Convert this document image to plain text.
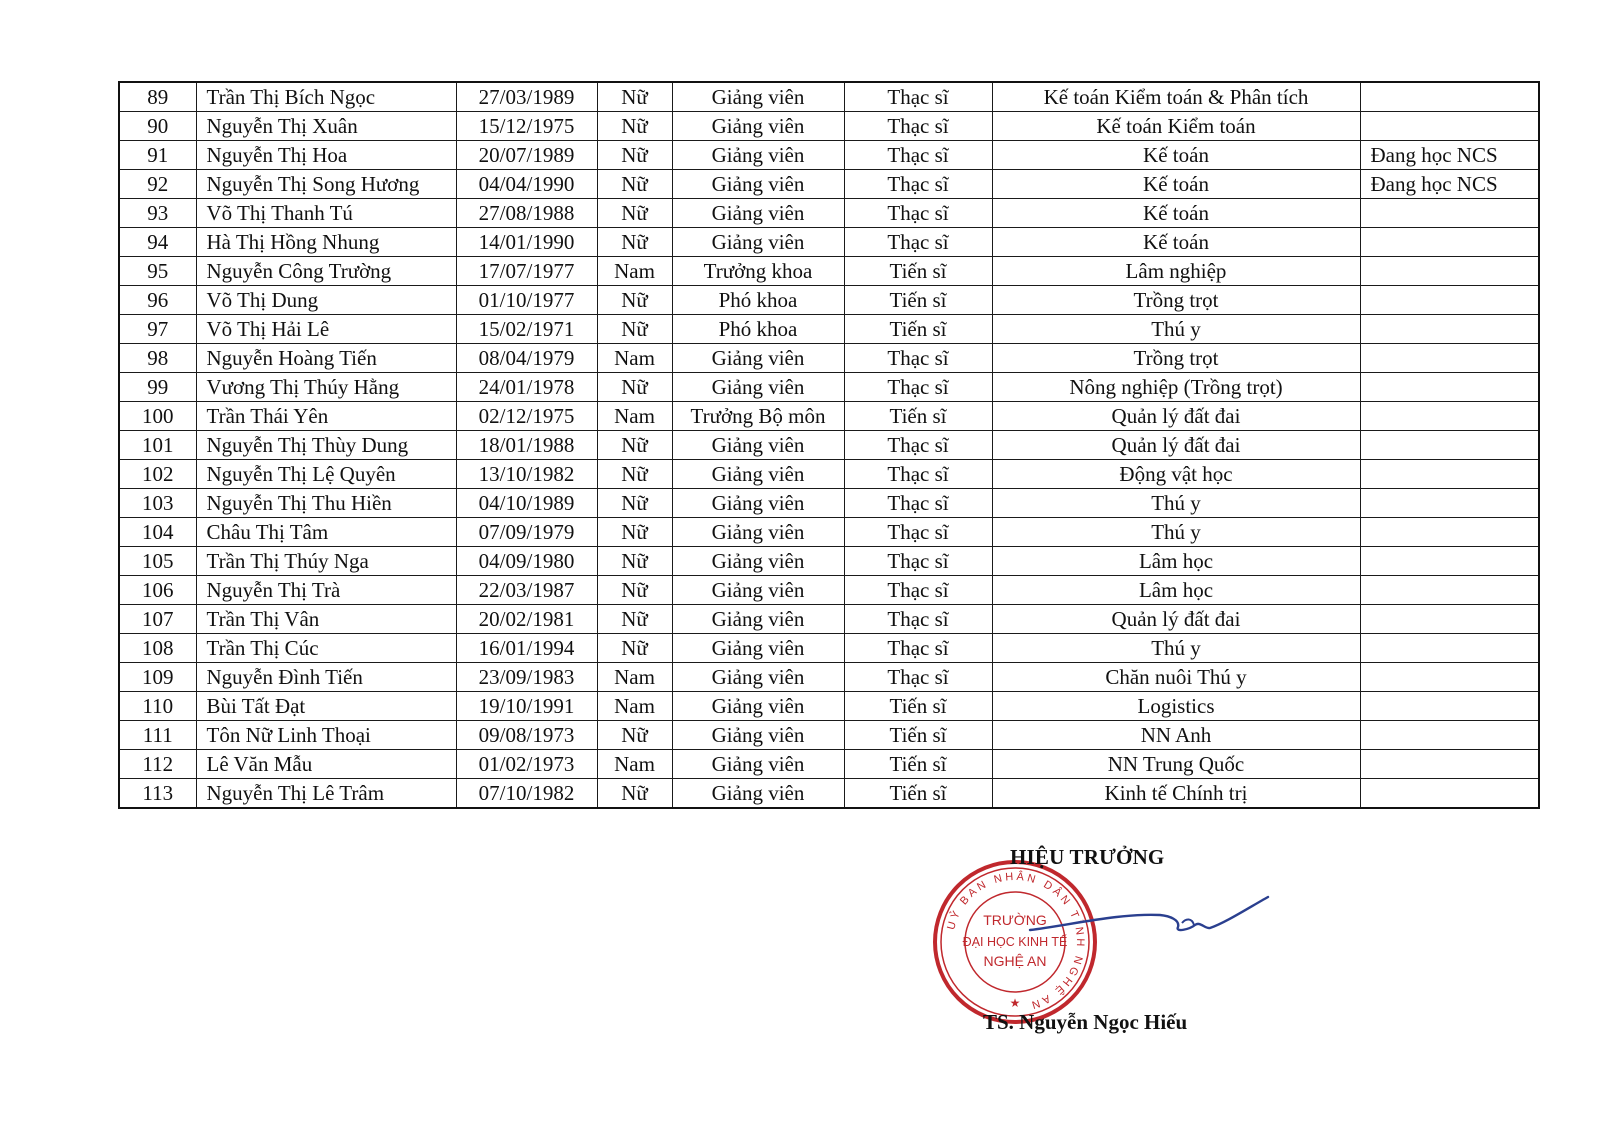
89	Trần Thị Bích Ngọc	27/03/1989	Nữ	Giảng viên	Thạc sĩ	Kế toán Kiểm toán & Phân tích	
90	Nguyễn Thị Xuân	15/12/1975	Nữ	Giảng viên	Thạc sĩ	Kế toán Kiểm toán	
91	Nguyễn Thị Hoa	20/07/1989	Nữ	Giảng viên	Thạc sĩ	Kế toán	Đang học NCS
92	Nguyễn Thị Song Hương	04/04/1990	Nữ	Giảng viên	Thạc sĩ	Kế toán	Đang học NCS
93	Võ Thị Thanh Tú	27/08/1988	Nữ	Giảng viên	Thạc sĩ	Kế toán	
94	Hà Thị Hồng Nhung	14/01/1990	Nữ	Giảng viên	Thạc sĩ	Kế toán	
95	Nguyễn Công Trường	17/07/1977	Nam	Trưởng khoa	Tiến sĩ	Lâm nghiệp	
96	Võ Thị Dung	01/10/1977	Nữ	Phó khoa	Tiến sĩ	Trồng trọt	
97	Võ Thị Hải Lê	15/02/1971	Nữ	Phó khoa	Tiến sĩ	Thú y	
98	Nguyễn Hoàng Tiến	08/04/1979	Nam	Giảng viên	Thạc sĩ	Trồng trọt	
99	Vương Thị Thúy Hằng	24/01/1978	Nữ	Giảng viên	Thạc sĩ	Nông nghiệp (Trồng trọt)	
100	Trần Thái Yên	02/12/1975	Nam	Trưởng Bộ môn	Tiến sĩ	Quản lý đất đai	
101	Nguyễn Thị Thùy Dung	18/01/1988	Nữ	Giảng viên	Thạc sĩ	Quản lý đất đai	
102	Nguyễn Thị Lệ Quyên	13/10/1982	Nữ	Giảng viên	Thạc sĩ	Động vật học	
103	Nguyễn Thị Thu Hiền	04/10/1989	Nữ	Giảng viên	Thạc sĩ	Thú y	
104	Châu Thị Tâm	07/09/1979	Nữ	Giảng viên	Thạc sĩ	Thú y	
105	Trần Thị Thúy Nga	04/09/1980	Nữ	Giảng viên	Thạc sĩ	Lâm học	
106	Nguyễn Thị Trà	22/03/1987	Nữ	Giảng viên	Thạc sĩ	Lâm học	
107	Trần Thị Vân	20/02/1981	Nữ	Giảng viên	Thạc sĩ	Quản lý đất đai	
108	Trần Thị Cúc	16/01/1994	Nữ	Giảng viên	Thạc sĩ	Thú y	
109	Nguyễn Đình Tiến	23/09/1983	Nam	Giảng viên	Thạc sĩ	Chăn nuôi Thú y	
110	Bùi Tất Đạt	19/10/1991	Nam	Giảng viên	Tiến sĩ	Logistics	
111	Tôn Nữ Linh Thoại	09/08/1973	Nữ	Giảng viên	Tiến sĩ	NN Anh	
112	Lê Văn Mẫu	01/02/1973	Nam	Giảng viên	Tiến sĩ	NN Trung Quốc	
113	Nguyễn Thị Lê Trâm	07/10/1982	Nữ	Giảng viên	Tiến sĩ	Kinh tế Chính trị	
UỶ BAN NHÂN DÂN TỈNH NGHỆ AN
TRƯỜNG
ĐẠI HỌC KINH TẾ
NGHỆ AN
★
HIỆU TRƯỞNG
TS. Nguyễn Ngọc Hiếu
